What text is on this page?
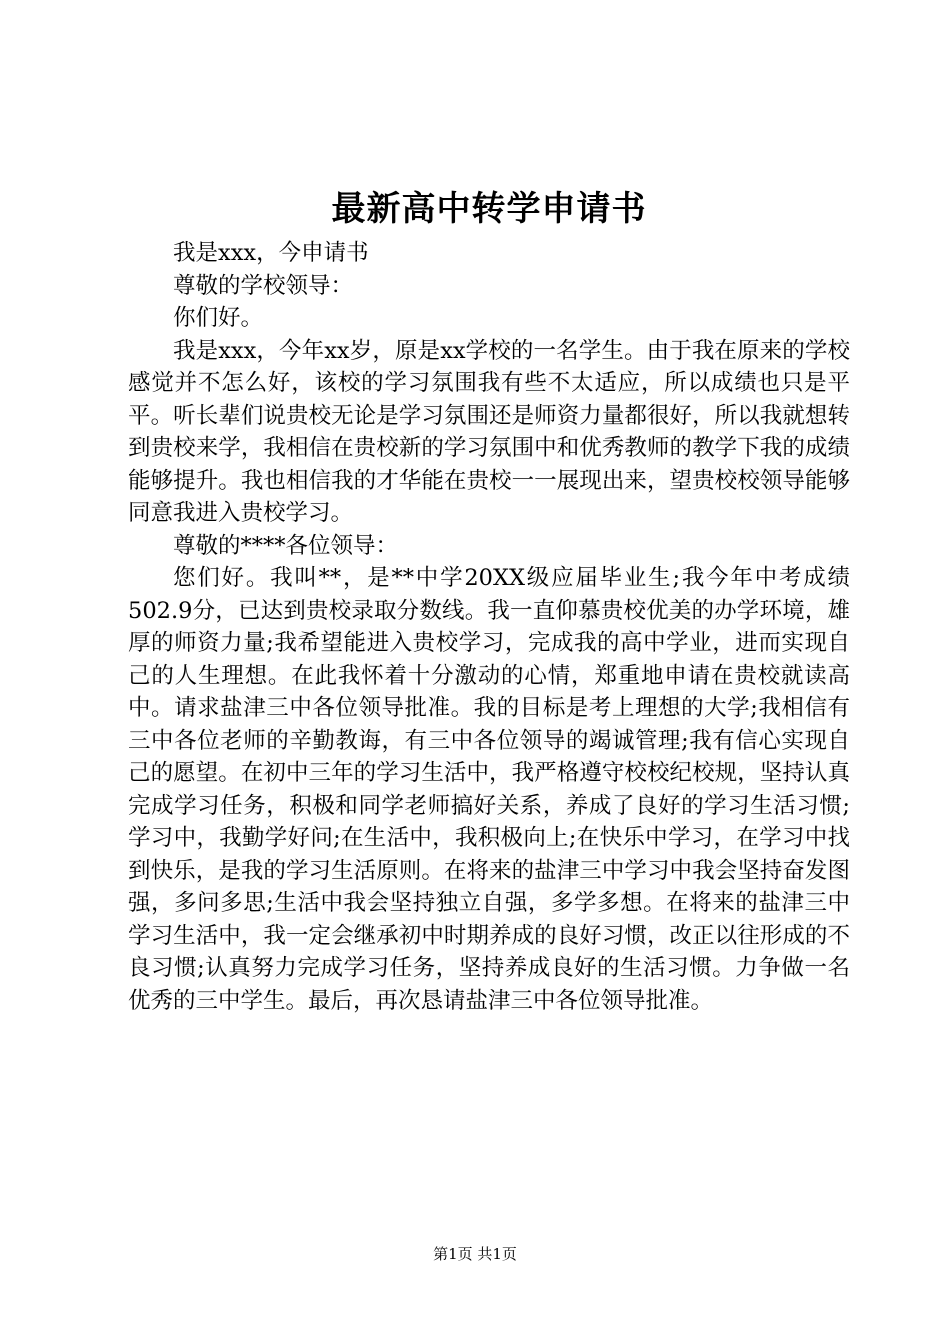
最新高中转学申请书

我是xxx，今申请书

尊敬的学校领导：

你们好。

我是xxx，今年xx岁，原是xx学校的一名学生。由于我在原来的学校感觉并不怎么好，该校的学习氛围我有些不太适应，所以成绩也只是平平。听长辈们说贵校无论是学习氛围还是师资力量都很好，所以我就想转到贵校来学，我相信在贵校新的学习氛围中和优秀教师的教学下我的成绩能够提升。我也相信我的才华能在贵校一一展现出来，望贵校校领导能够同意我进入贵校学习。

尊敬的****各位领导：

您们好。我叫**，是**中学20XX级应届毕业生;我今年中考成绩502.9分，已达到贵校录取分数线。我一直仰慕贵校优美的办学环境，雄厚的师资力量;我希望能进入贵校学习，完成我的高中学业，进而实现自己的人生理想。在此我怀着十分激动的心情，郑重地申请在贵校就读高中。请求盐津三中各位领导批准。我的目标是考上理想的大学;我相信有三中各位老师的辛勤教诲，有三中各位领导的竭诚管理;我有信心实现自己的愿望。在初中三年的学习生活中，我严格遵守校校纪校规，坚持认真完成学习任务，积极和同学老师搞好关系，养成了良好的学习生活习惯;学习中，我勤学好问;在生活中，我积极向上;在快乐中学习，在学习中找到快乐，是我的学习生活原则。在将来的盐津三中学习中我会坚持奋发图强，多问多思;生活中我会坚持独立自强，多学多想。在将来的盐津三中学习生活中，我一定会继承初中时期养成的良好习惯，改正以往形成的不良习惯;认真努力完成学习任务，坚持养成良好的生活习惯。力争做一名优秀的三中学生。最后，再次恳请盐津三中各位领导批准。

第1页 共1页
